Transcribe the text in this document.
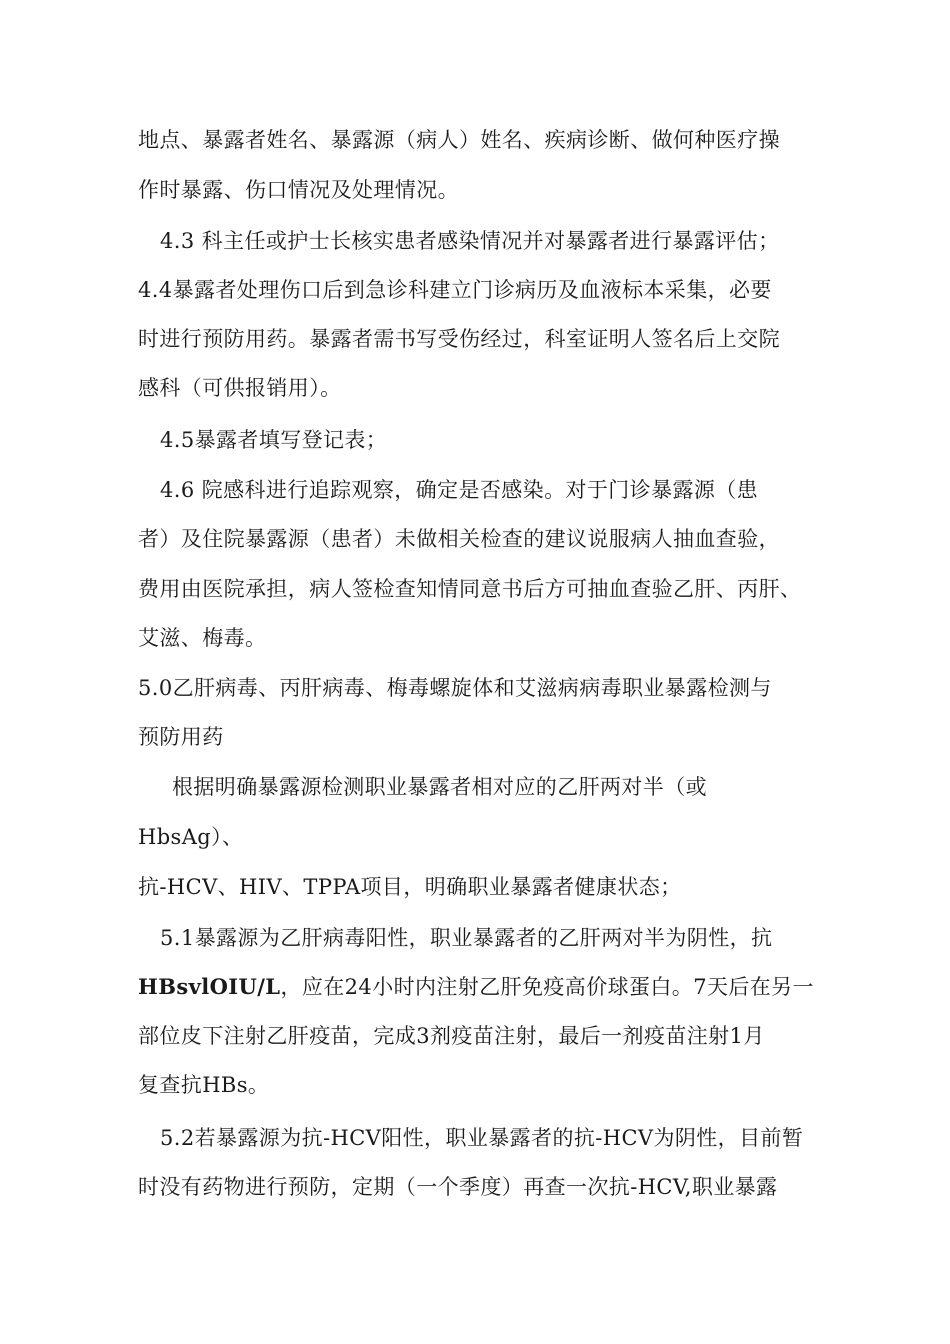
地点、暴露者姓名、暴露源（病人）姓名、疾病诊断、做何种医疗操
作时暴露、伤口情况及处理情况。
4.3 科主任或护士长核实患者感染情况并对暴露者进行暴露评估；
4.4暴露者处理伤口后到急诊科建立门诊病历及血液标本采集，必要
时进行预防用药。暴露者需书写受伤经过，科室证明人签名后上交院
感科（可供报销用）。
4.5暴露者填写登记表；
4.6 院感科进行追踪观察，确定是否感染。对于门诊暴露源（患
者）及住院暴露源（患者）未做相关检查的建议说服病人抽血查验，
费用由医院承担，病人签检查知情同意书后方可抽血查验乙肝、丙肝、
艾滋、梅毒。
5.0乙肝病毒、丙肝病毒、梅毒螺旋体和艾滋病病毒职业暴露检测与
预防用药
根据明确暴露源检测职业暴露者相对应的乙肝两对半（或
HbsAg）、
抗-HCV、HIV、TPPA项目，明确职业暴露者健康状态；
5.1暴露源为乙肝病毒阳性，职业暴露者的乙肝两对半为阴性，抗
HBsvlOIU/L，应在24小时内注射乙肝免疫高价球蛋白。7天后在另一
部位皮下注射乙肝疫苗，完成3剂疫苗注射，最后一剂疫苗注射1月
复查抗HBs。
5.2若暴露源为抗-HCV阳性，职业暴露者的抗-HCV为阴性，目前暂
时没有药物进行预防，定期（一个季度）再查一次抗-HCV,职业暴露
